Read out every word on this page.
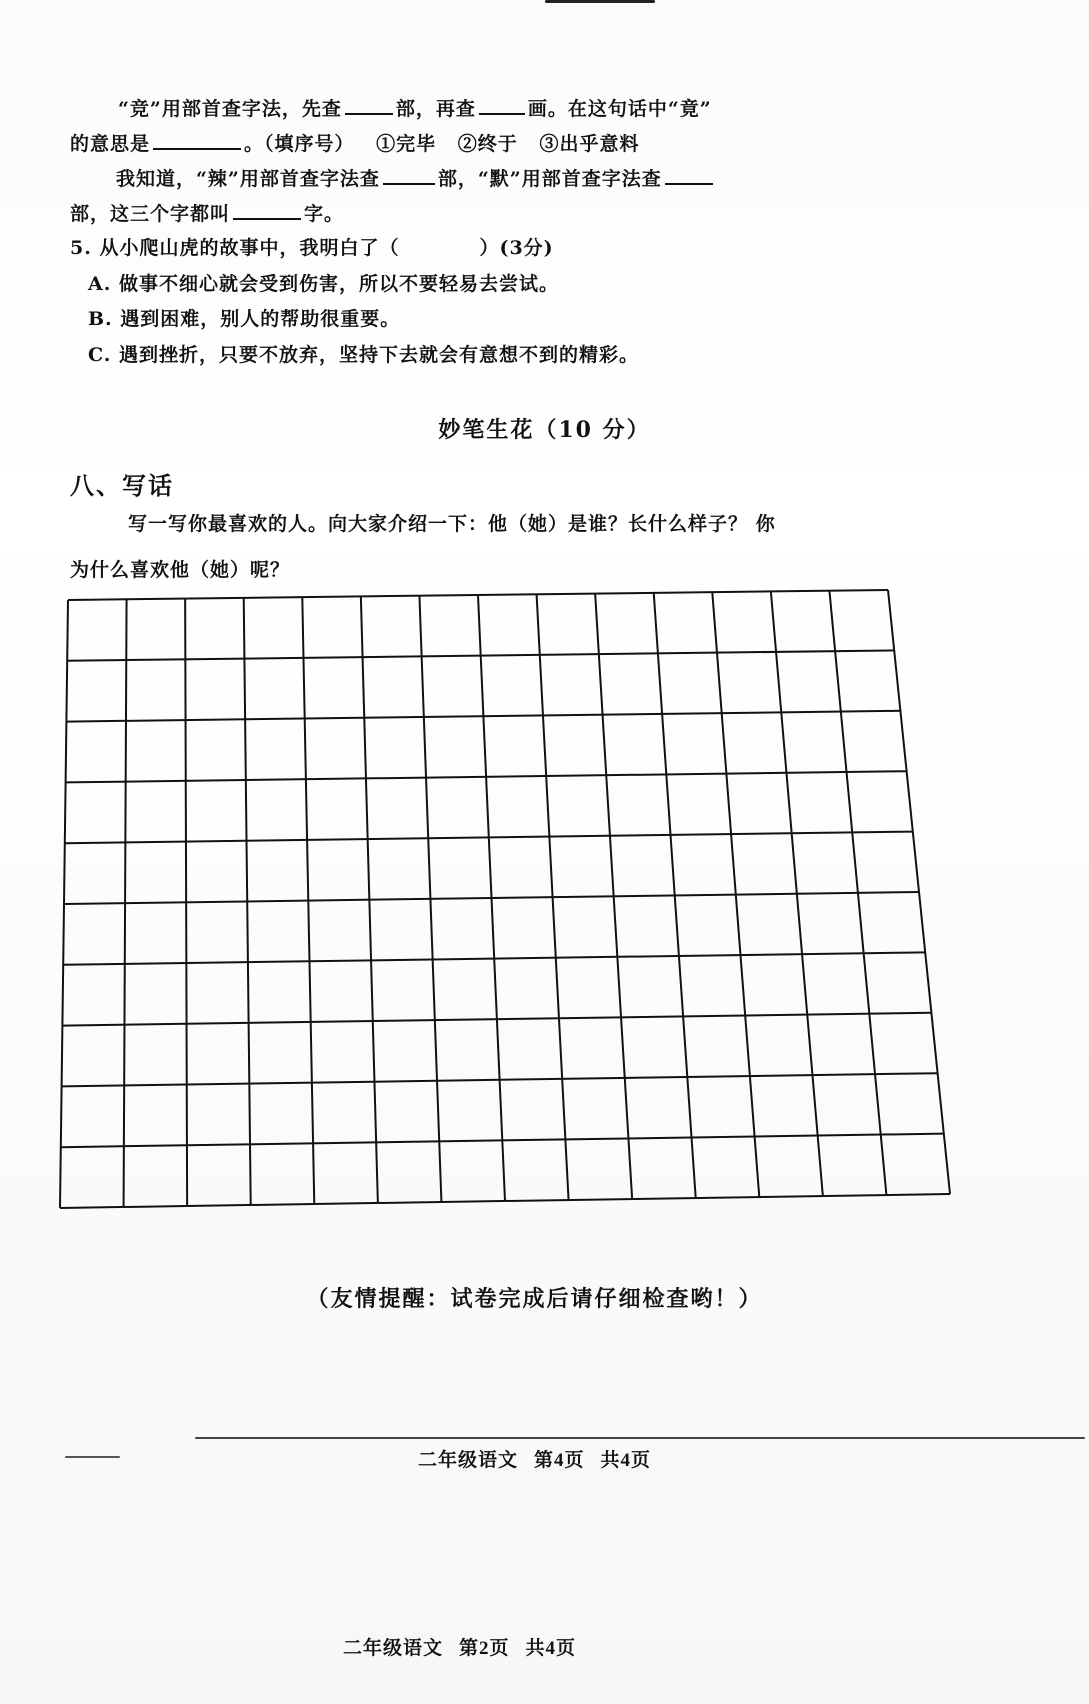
“竞”用部首查字法，先查	部，再查	画。在这句话中“竟”
的意思是	。（填序号） ①完毕 ②终于 ③出乎意料
我知道，“辣”用部首查字法查	部，“默”用部首查字法查
部，这三个字都叫	字。
5. 从小爬山虎的故事中，我明白了（	）(3分)
A. 做事不细心就会受到伤害，所以不要轻易去尝试。
B. 遇到困难，别人的帮助很重要。
C. 遇到挫折，只要不放弃，坚持下去就会有意想不到的精彩。
妙笔生花（10 分）
八、写话
写一写你最喜欢的人。向大家介绍一下：他（她）是谁？长什么样子？ 你
为什么喜欢他（她）呢？
（友情提醒：试卷完成后请仔细检查哟！）
二年级语文 第4页 共4页
二年级语文 第2页 共4页
